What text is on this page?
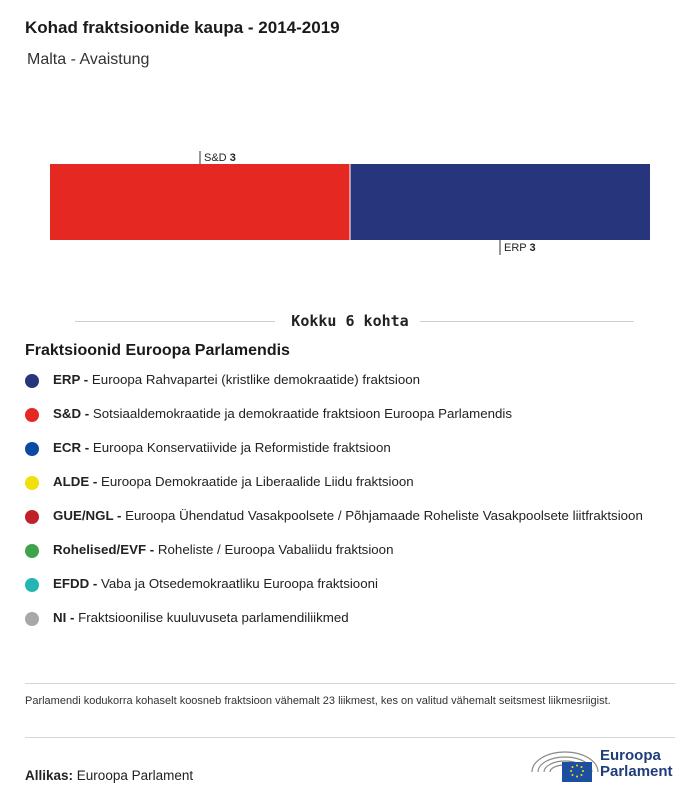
Kohad fraktsioonide kaupa - 2014-2019
Malta - Avaistung
S&D 3
ERP 3
Kokku 6 kohta
Fraktsioonid Euroopa Parlamendis
ERP - Euroopa Rahvapartei (kristlike demokraatide) fraktsioon
S&D - Sotsiaaldemokraatide ja demokraatide fraktsioon Euroopa Parlamendis
ECR - Euroopa Konservatiivide ja Reformistide fraktsioon
ALDE - Euroopa Demokraatide ja Liberaalide Liidu fraktsioon
GUE/NGL - Euroopa Ühendatud Vasakpoolsete / Põhjamaade Roheliste Vasakpoolsete liitfraktsioon
Rohelised/EVF - Roheliste / Euroopa Vabaliidu fraktsioon
EFDD - Vaba ja Otsedemokraatliku Euroopa fraktsiooni
NI - Fraktsioonilise kuuluvuseta parlamendiliikmed
Parlamendi kodukorra kohaselt koosneb fraktsioon vähemalt 23 liikmest, kes on valitud vähemalt seitsmest liikmesriigist.
Allikas: Euroopa Parlament
Euroopa
Parlament
